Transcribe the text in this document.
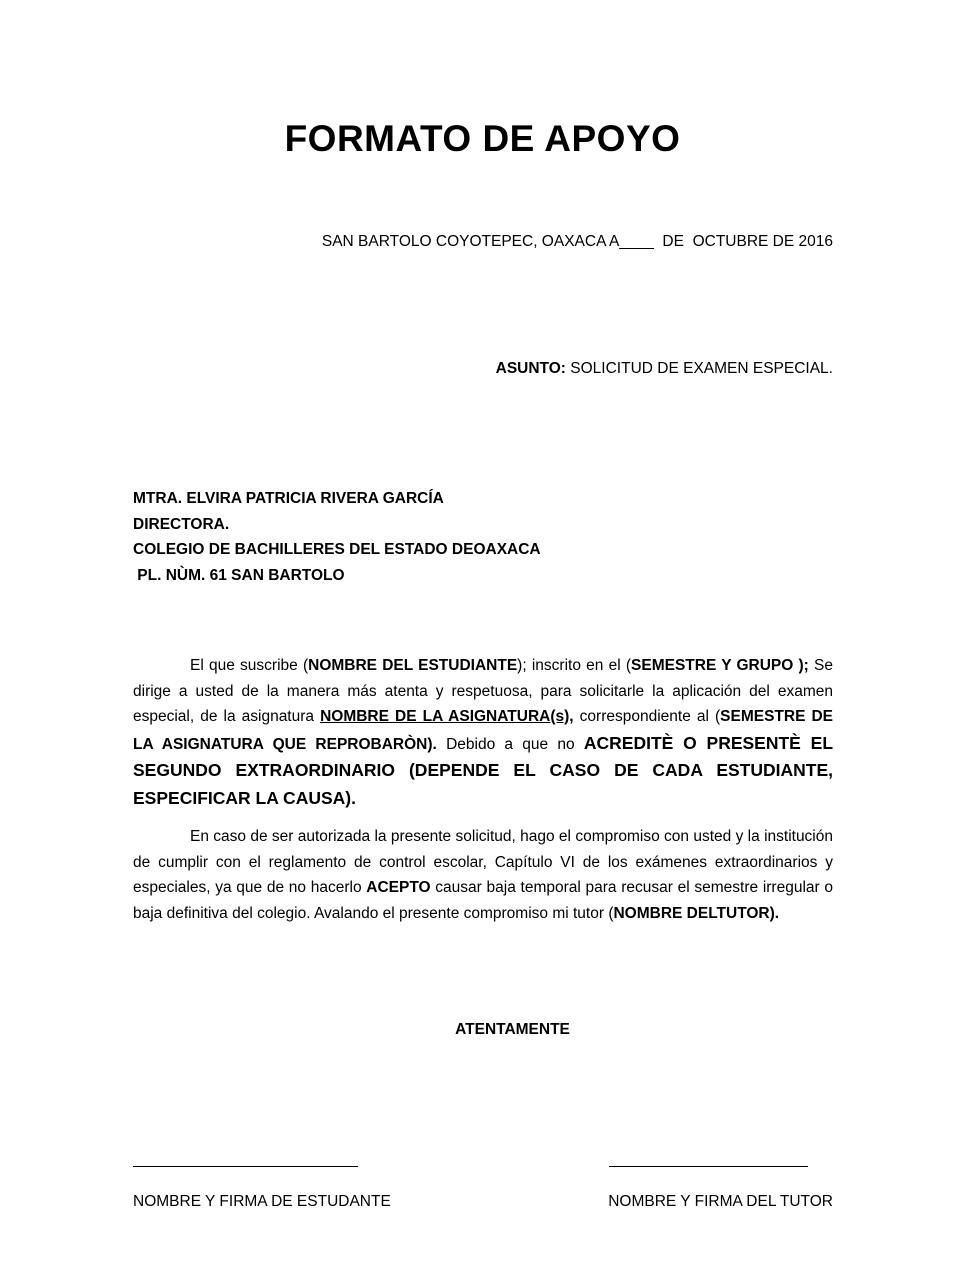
FORMATO DE APOYO
SAN BARTOLO COYOTEPEC, OAXACA A____  DE  OCTUBRE DE 2016
ASUNTO: SOLICITUD DE EXAMEN ESPECIAL.
MTRA. ELVIRA PATRICIA RIVERA GARCÍA
DIRECTORA.
COLEGIO DE BACHILLERES DEL ESTADO DEOAXACA
PL. NÙM. 61 SAN BARTOLO

El que suscribe (NOMBRE DEL ESTUDIANTE); inscrito en el (SEMESTRE Y GRUPO ); Se dirige a usted de la manera más atenta y respetuosa, para solicitarle la aplicación del examen especial, de la asignatura NOMBRE DE LA ASIGNATURA(s), correspondiente al (SEMESTRE DE LA ASIGNATURA QUE REPROBARÒN). Debido a que no ACREDITÈ O PRESENTÈ EL SEGUNDO EXTRAORDINARIO (DEPENDE EL CASO DE CADA ESTUDIANTE, ESPECIFICAR LA CAUSA).

En caso de ser autorizada la presente solicitud, hago el compromiso con usted y la institución de cumplir con el reglamento de control escolar, Capítulo VI de los exámenes extraordinarios y especiales, ya que de no hacerlo ACEPTO causar baja temporal para recusar el semestre irregular o baja definitiva del colegio. Avalando el presente compromiso mi tutor (NOMBRE DELTUTOR).

ATENTAMENTE
NOMBRE Y FIRMA DE ESTUDANTE	NOMBRE Y FIRMA DEL TUTOR
